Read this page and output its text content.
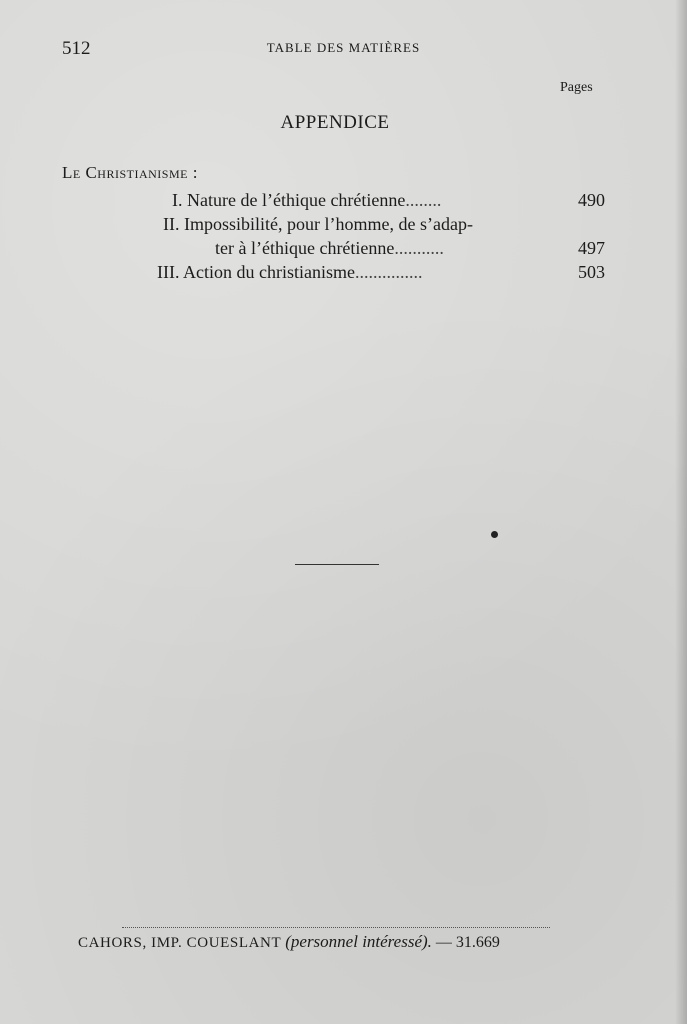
512	TABLE DES MATIÈRES
Pages
APPENDICE
Le Christianisme :
I. Nature de l’éthique chrétienne........	490
II. Impossibilité, pour l’homme, de s’adap-
ter à l’éthique chrétienne...........	497
III. Action du christianisme...............	503
CAHORS, IMP. COUESLANT (personnel intéressé). — 31.669
